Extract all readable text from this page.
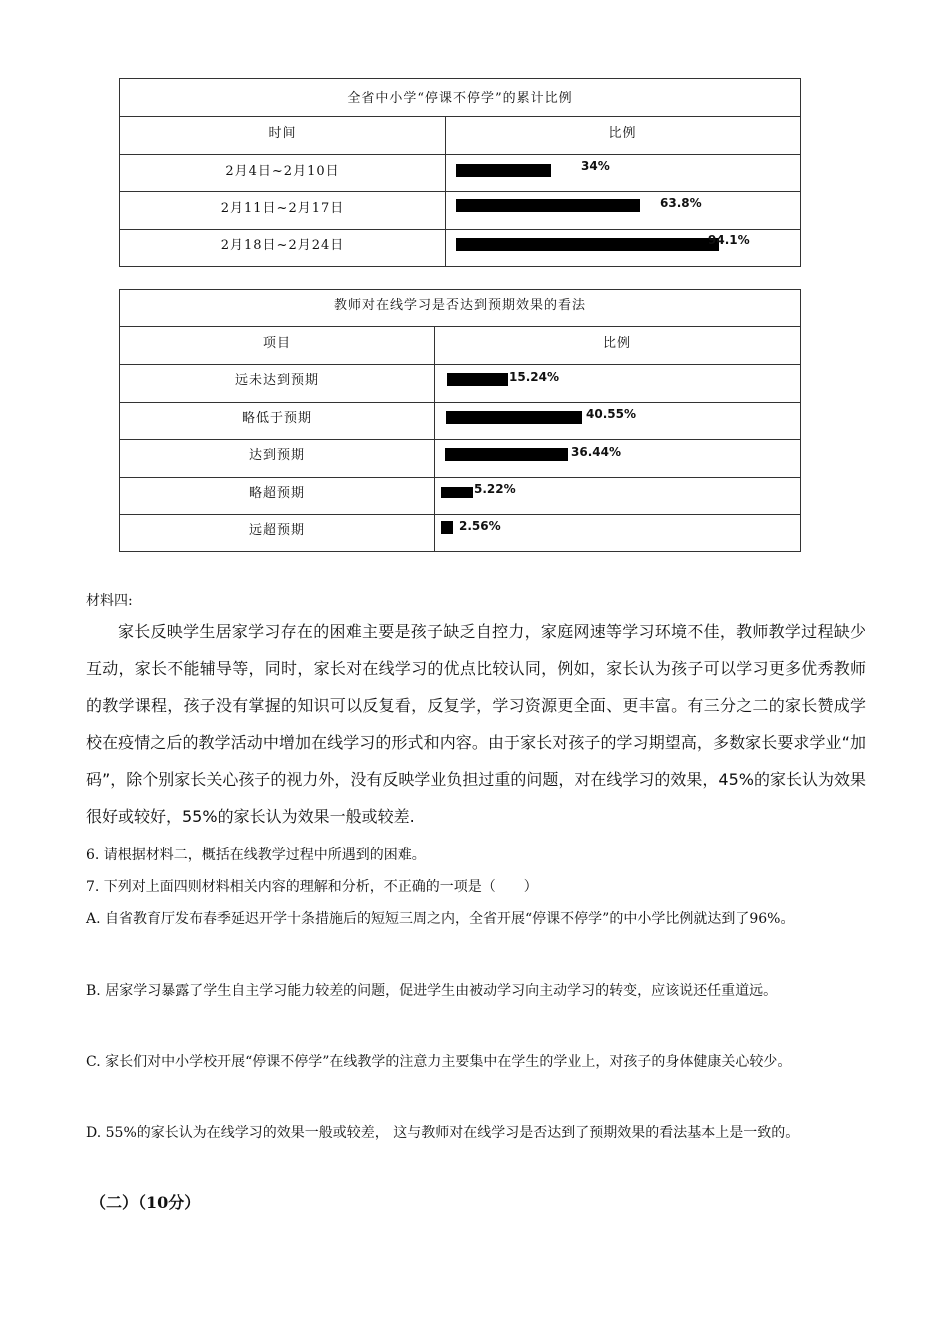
全省中小学“停课不停学”的累计比例
时间	比例
2月4日~2月10日	34%
2月11日~2月17日	63.8%
2月18日~2月24日	94.1%
教师对在线学习是否达到预期效果的看法
项目	比例
远未达到预期	15.24%
略低于预期	40.55%
达到预期	36.44%
略超预期	5.22%
远超预期	2.56%
材料四:
家长反映学生居家学习存在的困难主要是孩子缺乏自控力，家庭网速等学习环境不佳，教师教学过程缺少互动，家长不能辅导等，同时，家长对在线学习的优点比较认同，例如，家长认为孩子可以学习更多优秀教师的教学课程，孩子没有掌握的知识可以反复看，反复学，学习资源更全面、更丰富。有三分之二的家长赞成学校在疫情之后的教学活动中增加在线学习的形式和内容。由于家长对孩子的学习期望高，多数家长要求学业“加码”，除个别家长关心孩子的视力外，没有反映学业负担过重的问题，对在线学习的效果，45%的家长认为效果很好或较好，55%的家长认为效果一般或较差.
6. 请根据材料二，概括在线教学过程中所遇到的困难。
7. 下列对上面四则材料相关内容的理解和分析，不正确的一项是（　　）
A. 自省教育厅发布春季延迟开学十条措施后的短短三周之内，全省开展“停课不停学”的中小学比例就达到了96%。
B. 居家学习暴露了学生自主学习能力较差的问题，促进学生由被动学习向主动学习的转变，应该说还任重道远。
C. 家长们对中小学校开展“停课不停学”在线教学的注意力主要集中在学生的学业上，对孩子的身体健康关心较少。
D. 55%的家长认为在线学习的效果一般或较差， 这与教师对在线学习是否达到了预期效果的看法基本上是一致的。
（二）（10分）
